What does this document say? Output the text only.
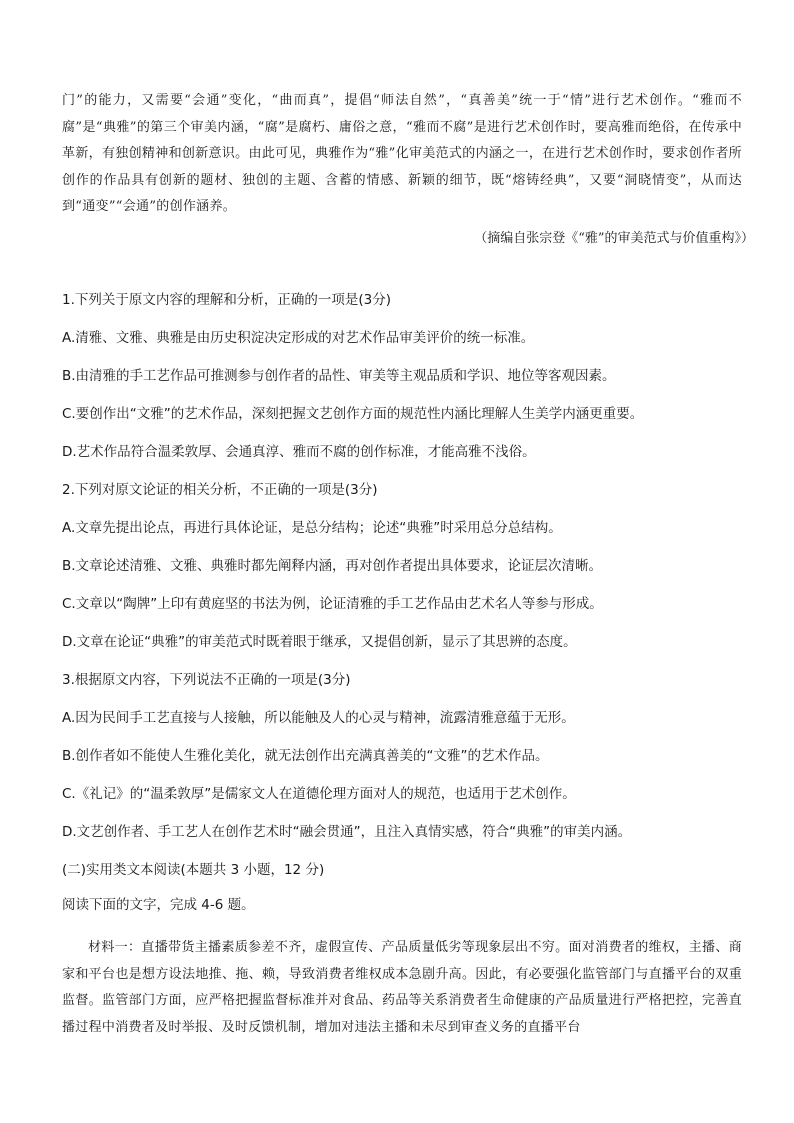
门”的能力，又需要“会通”变化，“曲而真”，提倡“师法自然”，“真善美”统一于“情”进行艺术创作。“雅而不腐”是“典雅”的第三个审美内涵，“腐”是腐朽、庸俗之意，“雅而不腐”是进行艺术创作时，要高雅而绝俗，在传承中革新，有独创精神和创新意识。由此可见，典雅作为“雅”化审美范式的内涵之一，在进行艺术创作时，要求创作者所创作的作品具有创新的题材、独创的主题、含蓄的情感、新颖的细节，既“熔铸经典”，又要“洞晓情变”，从而达到“通变”“会通”的创作涵养。

（摘编自张宗登《“雅”的审美范式与价值重构》）

1.下列关于原文内容的理解和分析，正确的一项是(3分)

A.清雅、文雅、典雅是由历史积淀决定形成的对艺术作品审美评价的统一标准。

B.由清雅的手工艺作品可推测参与创作者的品性、审美等主观品质和学识、地位等客观因素。

C.要创作出“文雅”的艺术作品，深刻把握文艺创作方面的规范性内涵比理解人生美学内涵更重要。

D.艺术作品符合温柔敦厚、会通真淳、雅而不腐的创作标准，才能高雅不浅俗。

2.下列对原文论证的相关分析，不正确的一项是(3分)

A.文章先提出论点，再进行具体论证，是总分结构；论述“典雅”时采用总分总结构。

B.文章论述清雅、文雅、典雅时都先阐释内涵，再对创作者提出具体要求，论证层次清晰。

C.文章以“陶牌”上印有黄庭坚的书法为例，论证清雅的手工艺作品由艺术名人等参与形成。

D.文章在论证“典雅”的审美范式时既着眼于继承，又提倡创新，显示了其思辨的态度。

3.根据原文内容，下列说法不正确的一项是(3分)

A.因为民间手工艺直接与人接触，所以能触及人的心灵与精神，流露清雅意蕴于无形。

B.创作者如不能使人生雅化美化，就无法创作出充满真善美的“文雅”的艺术作品。

C.《礼记》的“温柔敦厚”是儒家文人在道德伦理方面对人的规范，也适用于艺术创作。

D.文艺创作者、手工艺人在创作艺术时“融会贯通”，且注入真情实感，符合“典雅”的审美内涵。

(二)实用类文本阅读(本题共 3 小题，12 分)

阅读下面的文字，完成 4-6 题。

材料一：直播带货主播素质参差不齐，虚假宣传、产品质量低劣等现象层出不穷。面对消费者的维权，主播、商家和平台也是想方设法地推、拖、赖，导致消费者维权成本急剧升高。因此，有必要强化监管部门与直播平台的双重监督。监管部门方面，应严格把握监督标准并对食品、药品等关系消费者生命健康的产品质量进行严格把控，完善直播过程中消费者及时举报、及时反馈机制，增加对违法主播和未尽到审查义务的直播平台
